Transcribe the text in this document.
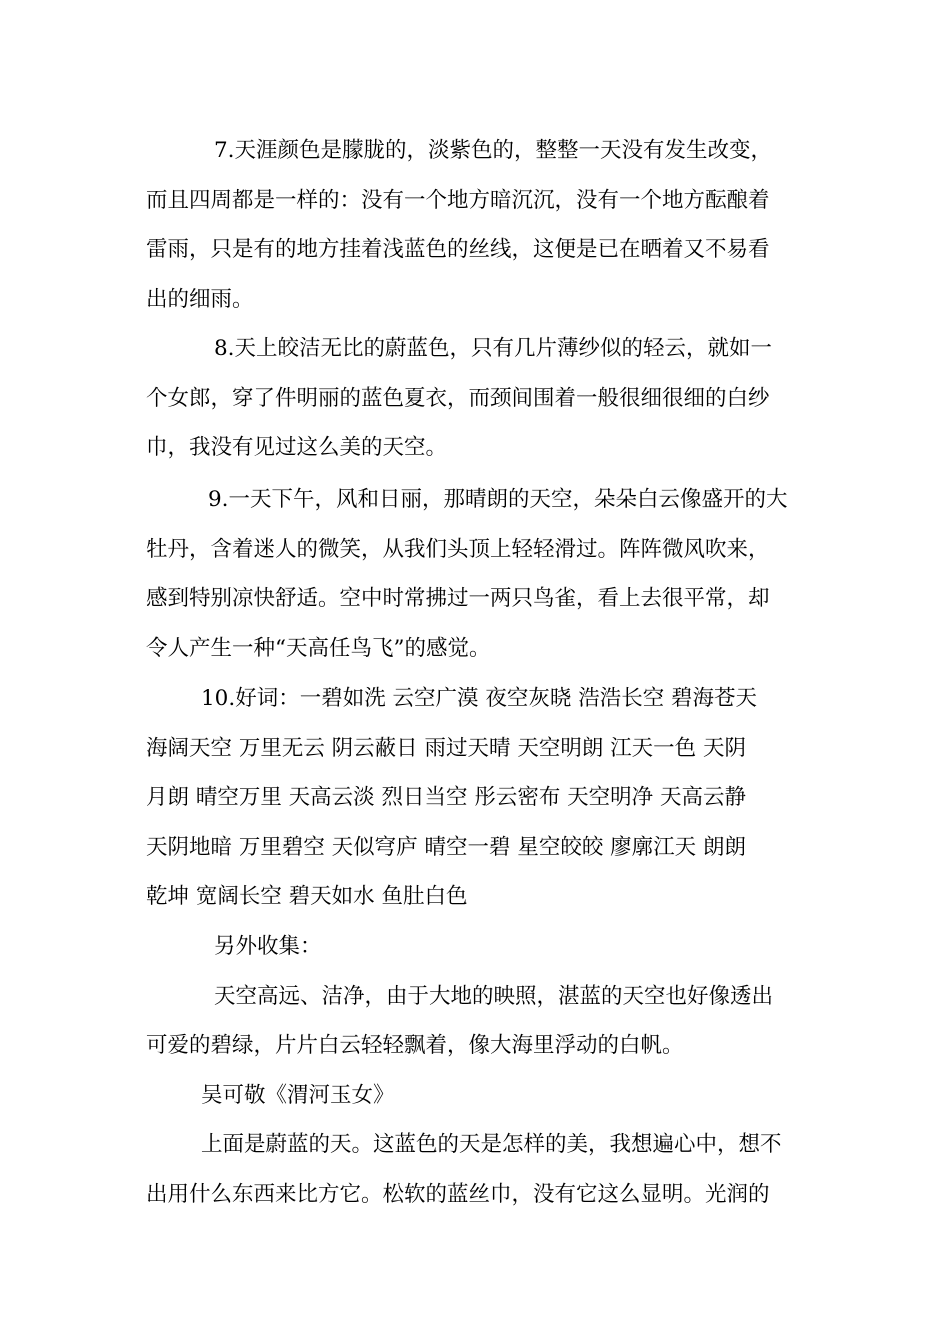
7.天涯颜色是朦胧的，淡紫色的，整整一天没有发生改变，
而且四周都是一样的：没有一个地方暗沉沉，没有一个地方酝酿着
雷雨，只是有的地方挂着浅蓝色的丝线，这便是已在晒着又不易看
出的细雨。
8.天上皎洁无比的蔚蓝色，只有几片薄纱似的轻云，就如一
个女郎，穿了件明丽的蓝色夏衣，而颈间围着一般很细很细的白纱
巾，我没有见过这么美的天空。
9.一天下午，风和日丽，那晴朗的天空，朵朵白云像盛开的大
牡丹，含着迷人的微笑，从我们头顶上轻轻滑过。阵阵微风吹来，
感到特别凉快舒适。空中时常拂过一两只鸟雀，看上去很平常，却
令人产生一种“天高任鸟飞”的感觉。
10.好词：一碧如洗 云空广漠 夜空灰晓 浩浩长空 碧海苍天
海阔天空 万里无云 阴云蔽日 雨过天晴 天空明朗 江天一色 天阴
月朗 晴空万里 天高云淡 烈日当空 彤云密布 天空明净 天高云静
天阴地暗 万里碧空 天似穹庐 晴空一碧 星空皎皎 廖廓江天 朗朗
乾坤 宽阔长空 碧天如水 鱼肚白色
另外收集：
天空高远、洁净，由于大地的映照，湛蓝的天空也好像透出
可爱的碧绿，片片白云轻轻飘着，像大海里浮动的白帆。
吴可敬《渭河玉女》
上面是蔚蓝的天。这蓝色的天是怎样的美，我想遍心中，想不
出用什么东西来比方它。松软的蓝丝巾，没有它这么显明。光润的
